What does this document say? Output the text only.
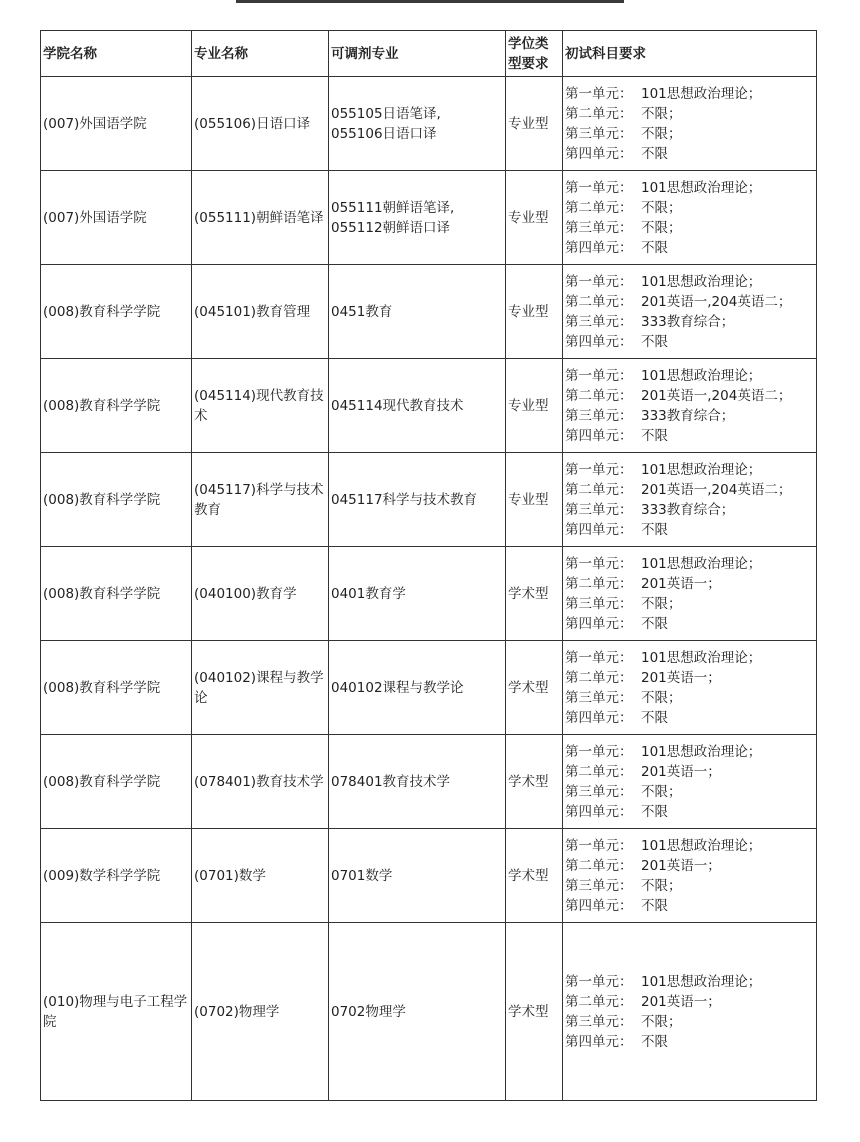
学院名称	专业名称	可调剂专业	学位类型要求	初试科目要求
(007)外国语学院	(055106)日语口译	055105日语笔译,
055106日语口译	专业型	第一单元： 101思想政治理论；
第二单元： 不限；
第三单元： 不限；
第四单元： 不限

(007)外国语学院	(055111)朝鲜语笔译	055111朝鲜语笔译,
055112朝鲜语口译	专业型	第一单元： 101思想政治理论；
第二单元： 不限；
第三单元： 不限；
第四单元： 不限

(008)教育科学学院	(045101)教育管理	0451教育	专业型	第一单元： 101思想政治理论；
第二单元： 201英语一,204英语二；
第三单元： 333教育综合；
第四单元： 不限

(008)教育科学学院	(045114)现代教育技术	045114现代教育技术	专业型	第一单元： 101思想政治理论；
第二单元： 201英语一,204英语二；
第三单元： 333教育综合；
第四单元： 不限

(008)教育科学学院	(045117)科学与技术教育	045117科学与技术教育	专业型	第一单元： 101思想政治理论；
第二单元： 201英语一,204英语二；
第三单元： 333教育综合；
第四单元： 不限

(008)教育科学学院	(040100)教育学	0401教育学	学术型	第一单元： 101思想政治理论；
第二单元： 201英语一；
第三单元： 不限；
第四单元： 不限

(008)教育科学学院	(040102)课程与教学论	040102课程与教学论	学术型	第一单元： 101思想政治理论；
第二单元： 201英语一；
第三单元： 不限；
第四单元： 不限

(008)教育科学学院	(078401)教育技术学	078401教育技术学	学术型	第一单元： 101思想政治理论；
第二单元： 201英语一；
第三单元： 不限；
第四单元： 不限

(009)数学科学学院	(0701)数学	0701数学	学术型	第一单元： 101思想政治理论；
第二单元： 201英语一；
第三单元： 不限；
第四单元： 不限

(010)物理与电子工程学院	(0702)物理学	0702物理学	学术型	第一单元： 101思想政治理论；
第二单元： 201英语一；
第三单元： 不限；
第四单元： 不限
